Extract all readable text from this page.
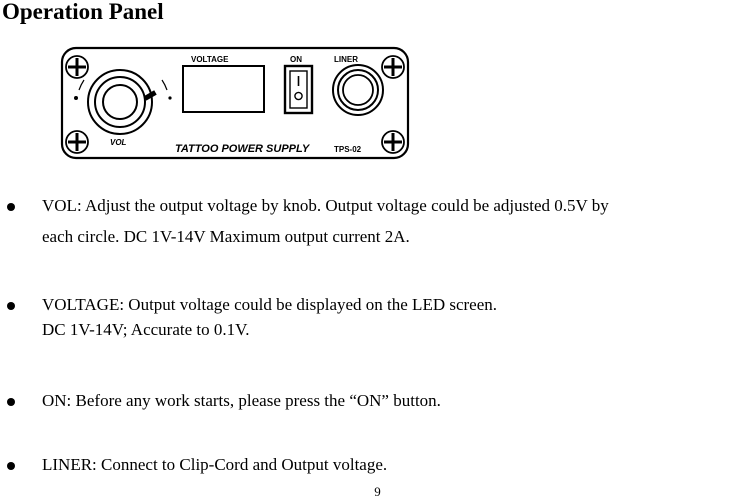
Operation Panel
VOL
VOLTAGE	ON	LINER
TATTOO POWER SUPPLY	TPS-02
VOL: Adjust the output voltage by knob. Output voltage could be adjusted 0.5V by
each circle. DC 1V-14V Maximum output current 2A.
VOLTAGE: Output voltage could be displayed on the LED screen.
DC 1V-14V; Accurate to 0.1V.
ON: Before any work starts, please press the “ON” button.
LINER: Connect to Clip-Cord and Output voltage.
9
